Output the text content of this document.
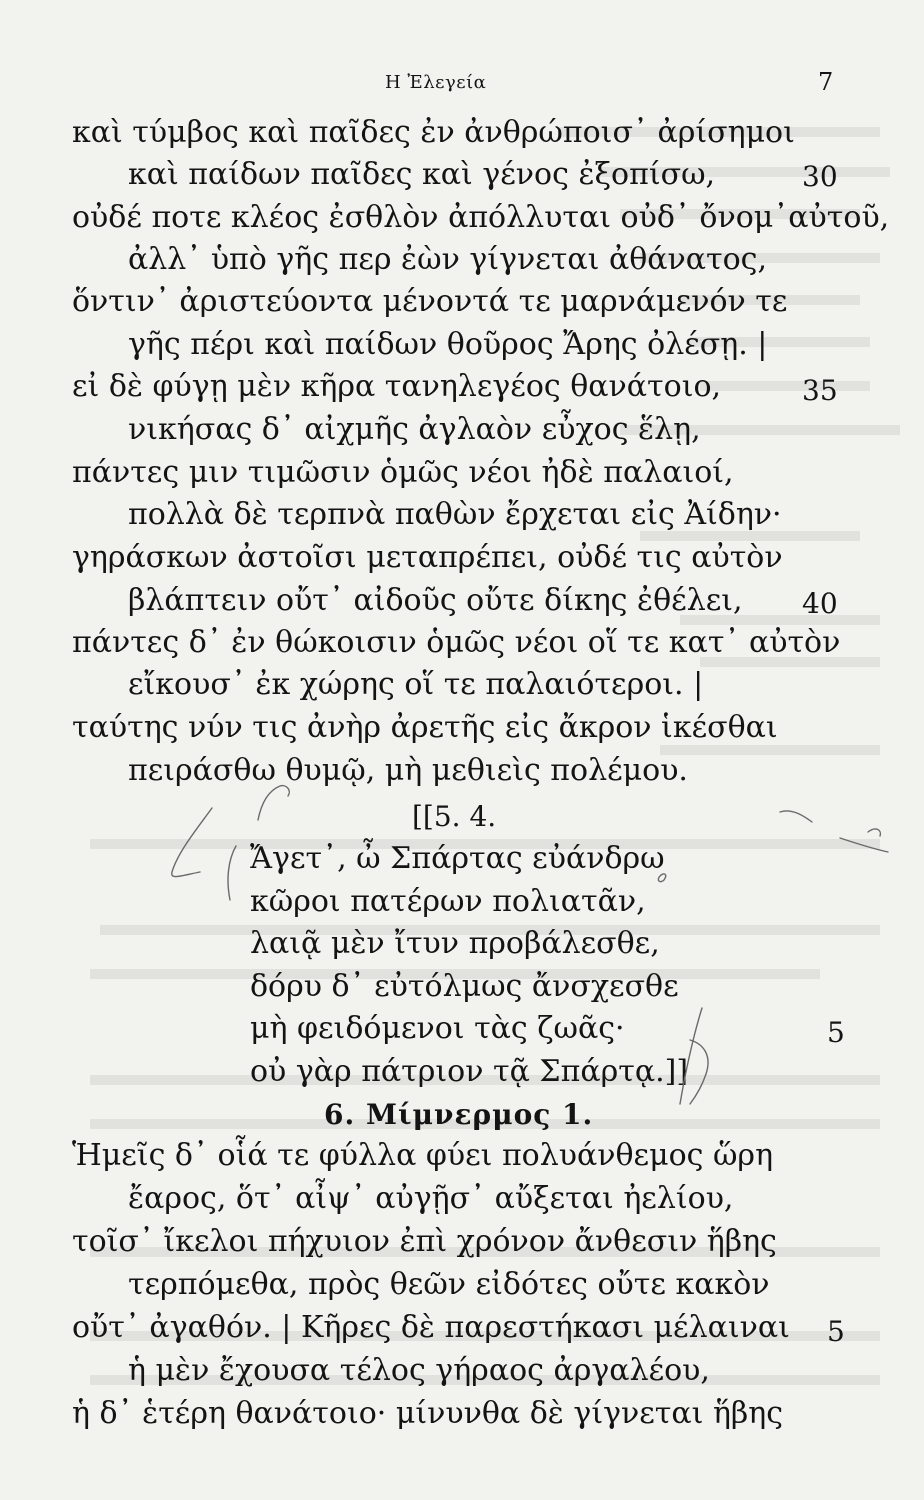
Η Ἐλεγεία	7
καὶ τύμβος καὶ παῖδες ἐν ἀνθρώποισ᾽ ἀρίσημοι
καὶ παίδων παῖδες καὶ γένος ἐξοπίσω,
οὐδέ ποτε κλέος ἐσθλὸν ἀπόλλυται οὐδ᾽ ὄνομ᾽αὐτοῦ,
ἀλλ᾽ ὑπὸ γῆς περ ἐὼν γίγνεται ἀθάνατος,
ὅντιν᾽ ἀριστεύοντα μένοντά τε μαρνάμενόν τε
γῆς πέρι καὶ παίδων θοῦρος Ἄρης ὀλέσῃ. |
εἰ δὲ φύγῃ μὲν κῆρα τανηλεγέος θανάτοιο,
νικήσας δ᾽ αἰχμῆς ἀγλαὸν εὖχος ἕλῃ,
πάντες μιν τιμῶσιν ὁμῶς νέοι ἠδὲ παλαιοί,
πολλὰ δὲ τερπνὰ παθὼν ἔρχεται εἰς Ἀίδην·
γηράσκων ἀστοῖσι μεταπρέπει, οὐδέ τις αὐτὸν
βλάπτειν οὔτ᾽ αἰδοῦς οὔτε δίκης ἐθέλει,
πάντες δ᾽ ἐν θώκοισιν ὁμῶς νέοι οἵ τε κατ᾽ αὐτὸν
εἴκουσ᾽ ἐκ χώρης οἵ τε παλαιότεροι. |
ταύτης νύν τις ἀνὴρ ἀρετῆς εἰς ἄκρον ἱκέσθαι
πειράσθω θυμῷ, μὴ μεθιεὶς πολέμου.
30
35
40
[[5. 4.
Ἄγετ᾽, ὦ Σπάρτας εὐάνδρω
κῶροι πατέρων πολιατᾶν,
λαιᾷ μὲν ἴτυν προβάλεσθε,
δόρυ δ᾽ εὐτόλμως ἄνσχεσθε
μὴ φειδόμενοι τὰς ζωᾶς·
οὐ γὰρ πάτριον τᾷ Σπάρτᾳ.]]
5
6. Μίμνερμος 1.
Ἡμεῖς δ᾽ οἷά τε φύλλα φύει πολυάνθεμος ὥρη
ἔαρος, ὅτ᾽ αἶψ᾽ αὐγῇσ᾽ αὔξεται ἠελίου,
τοῖσ᾽ ἴκελοι πήχυιον ἐπὶ χρόνον ἄνθεσιν ἥβης
τερπόμεθα, πρὸς θεῶν εἰδότες οὔτε κακὸν
οὔτ᾽ ἀγαθόν. | Κῆρες δὲ παρεστήκασι μέλαιναι
ἡ μὲν ἔχουσα τέλος γήραος ἀργαλέου,
ἡ δ᾽ ἑτέρη θανάτοιο· μίνυνθα δὲ γίγνεται ἥβης
5
